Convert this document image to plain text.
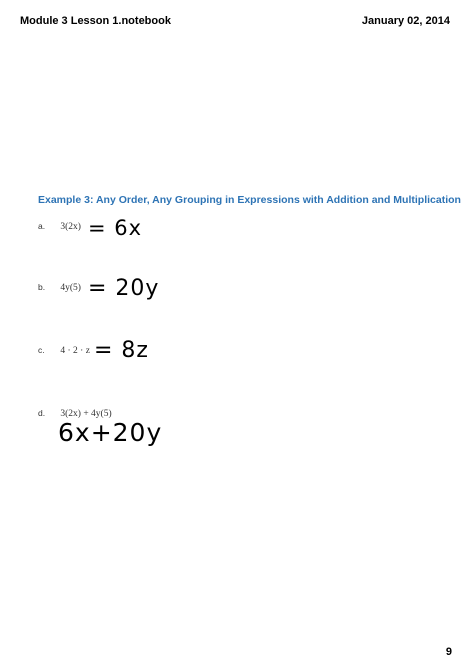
Module 3 Lesson 1.notebook	January 02, 2014
Example 3: Any Order, Any Grouping in Expressions with Addition and Multiplication
a. 3(2x) = 6x
b. 4y(5) = 20y
c. 4 · 2 · z = 8z
d. 3(2x) + 4y(5)
6x+20y
9
